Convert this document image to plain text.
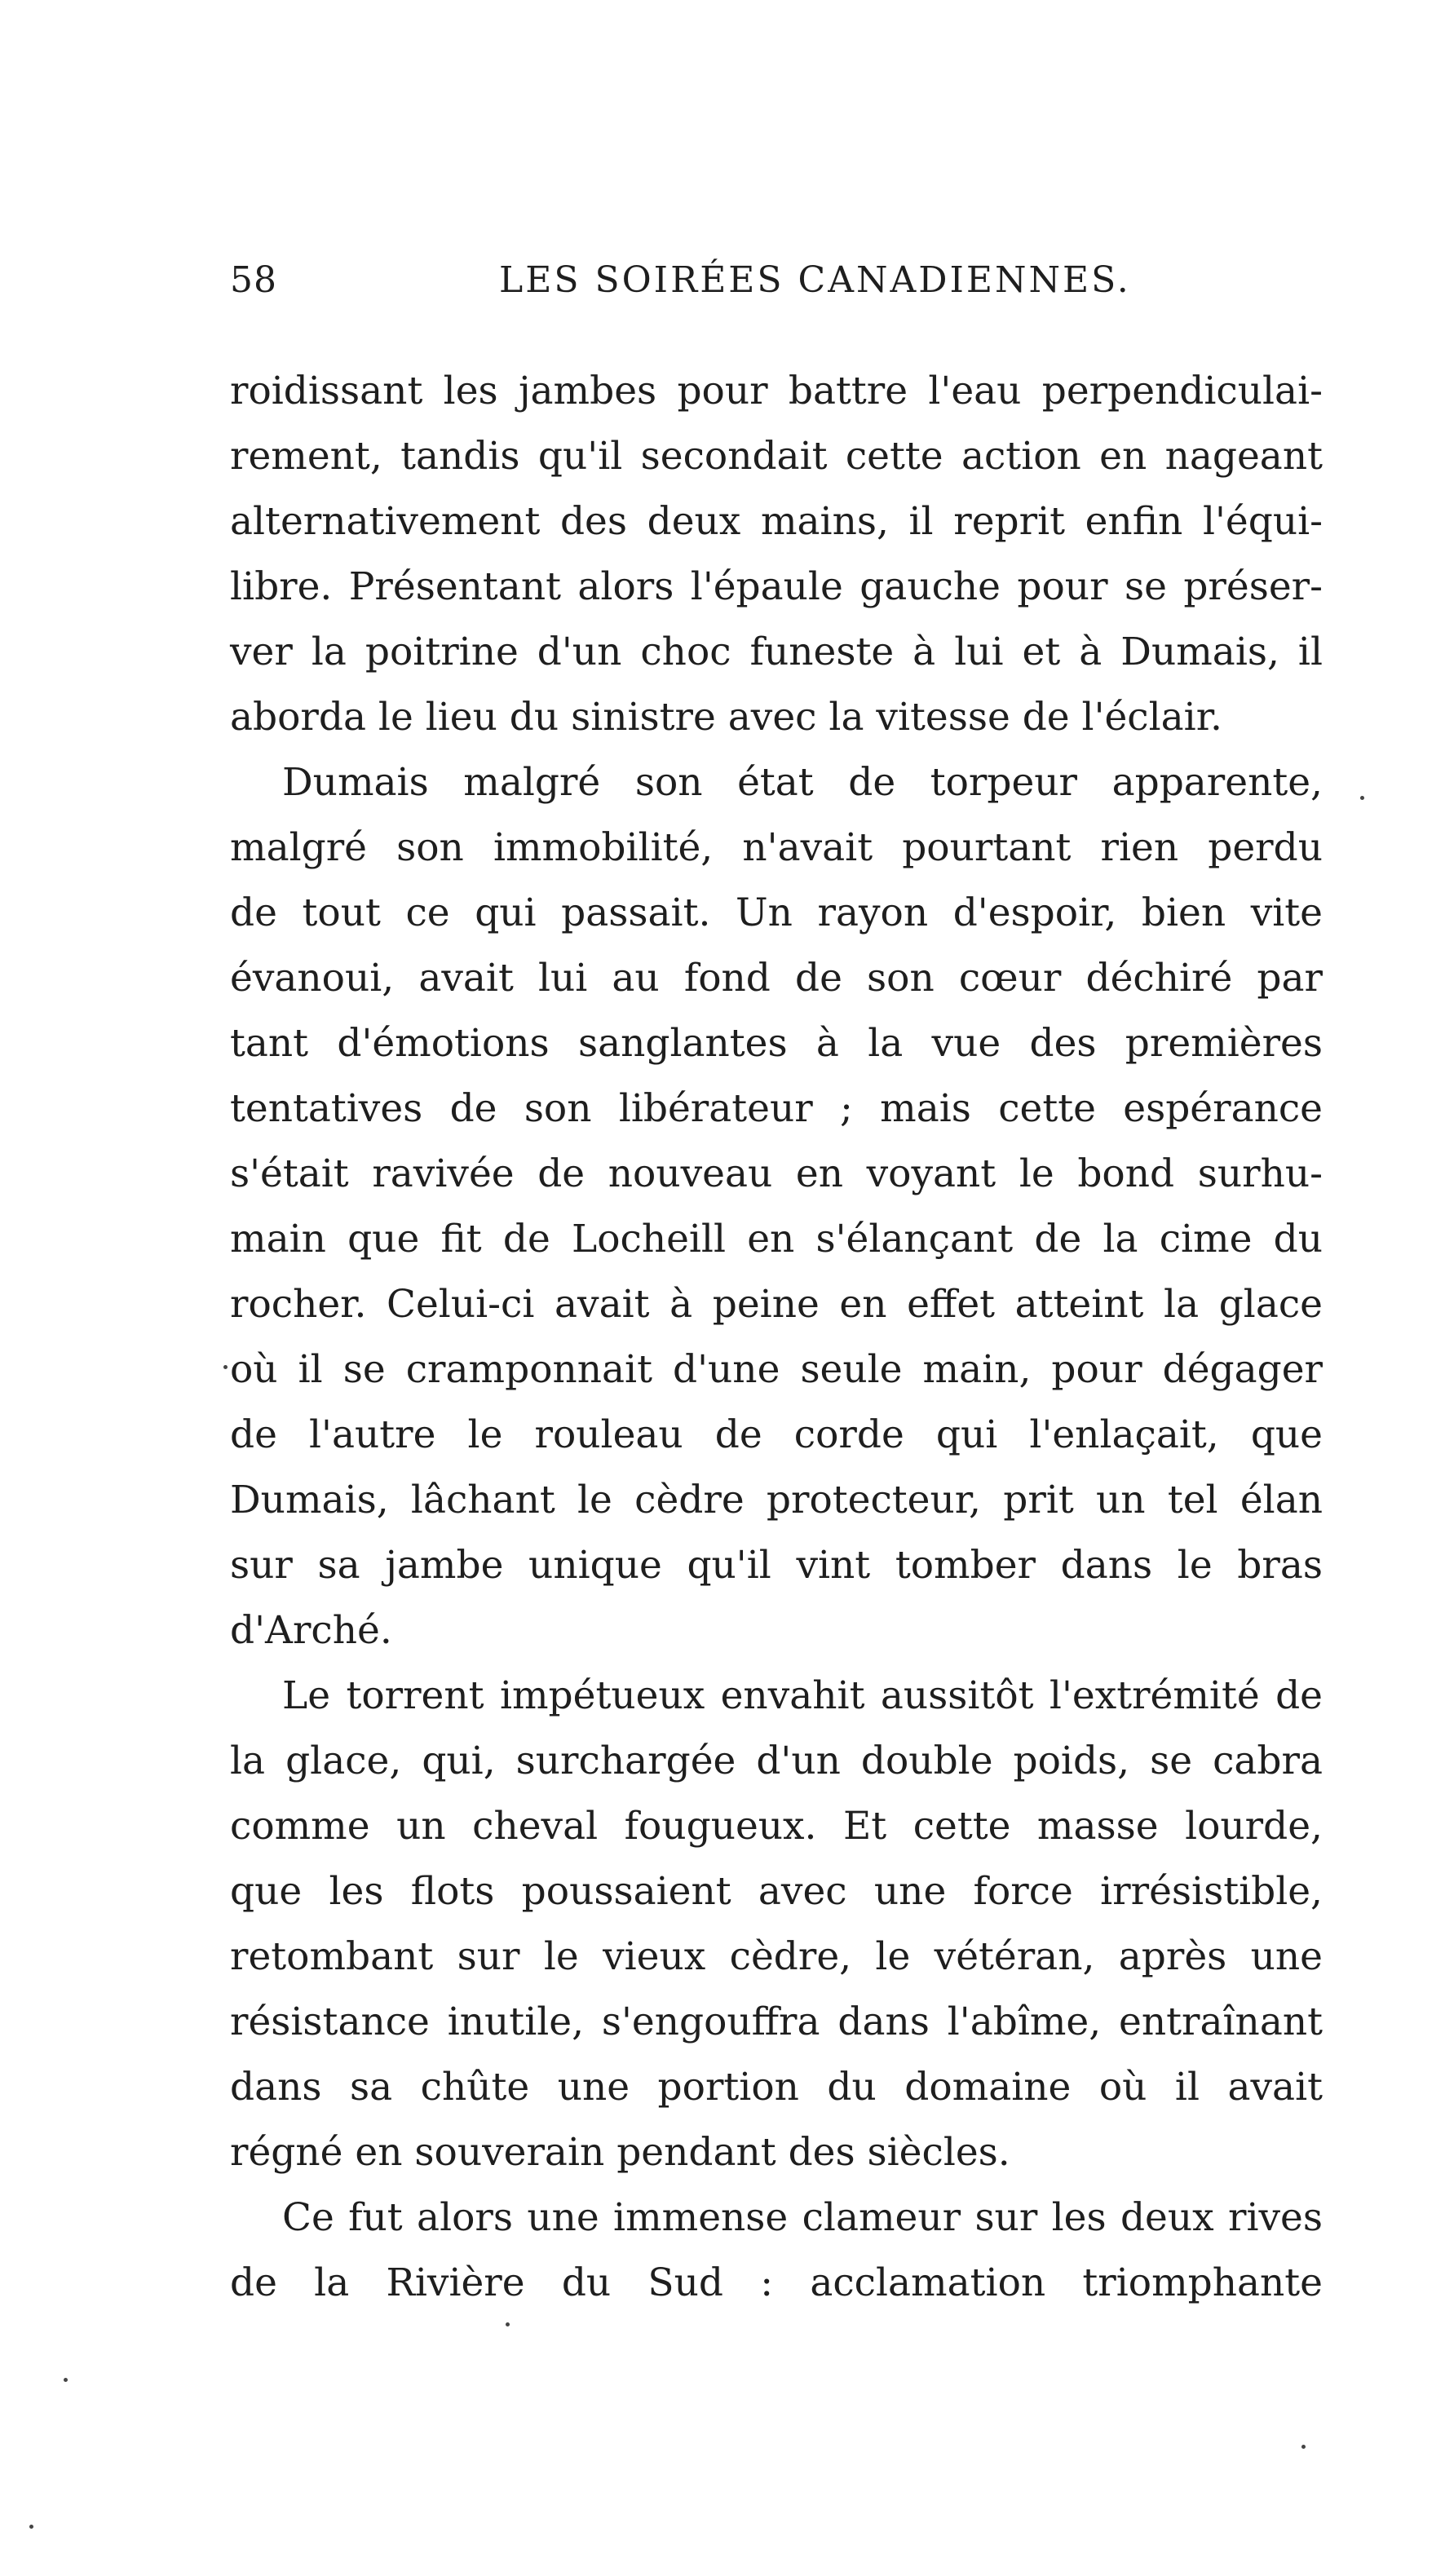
58	LES SOIRÉES CANADIENNES.
roidissant les jambes pour battre l'eau perpendiculai-
rement, tandis qu'il secondait cette action en nageant
alternativement des deux mains, il reprit enfin l'équi-
libre. Présentant alors l'épaule gauche pour se préser-
ver la poitrine d'un choc funeste à lui et à Dumais, il
aborda le lieu du sinistre avec la vitesse de l'éclair.
Dumais malgré son état de torpeur apparente,
malgré son immobilité, n'avait pourtant rien perdu
de tout ce qui passait. Un rayon d'espoir, bien vite
évanoui, avait lui au fond de son cœur déchiré par
tant d'émotions sanglantes à la vue des premières
tentatives de son libérateur ; mais cette espérance
s'était ravivée de nouveau en voyant le bond surhu-
main que fit de Locheill en s'élançant de la cime du
rocher. Celui-ci avait à peine en effet atteint la glace
où il se cramponnait d'une seule main, pour dégager
de l'autre le rouleau de corde qui l'enlaçait, que
Dumais, lâchant le cèdre protecteur, prit un tel élan
sur sa jambe unique qu'il vint tomber dans le bras
d'Arché.
Le torrent impétueux envahit aussitôt l'extrémité de
la glace, qui, surchargée d'un double poids, se cabra
comme un cheval fougueux. Et cette masse lourde,
que les flots poussaient avec une force irrésistible,
retombant sur le vieux cèdre, le vétéran, après une
résistance inutile, s'engouffra dans l'abîme, entraînant
dans sa chûte une portion du domaine où il avait
régné en souverain pendant des siècles.
Ce fut alors une immense clameur sur les deux rives
de la Rivière du Sud : acclamation triomphante
